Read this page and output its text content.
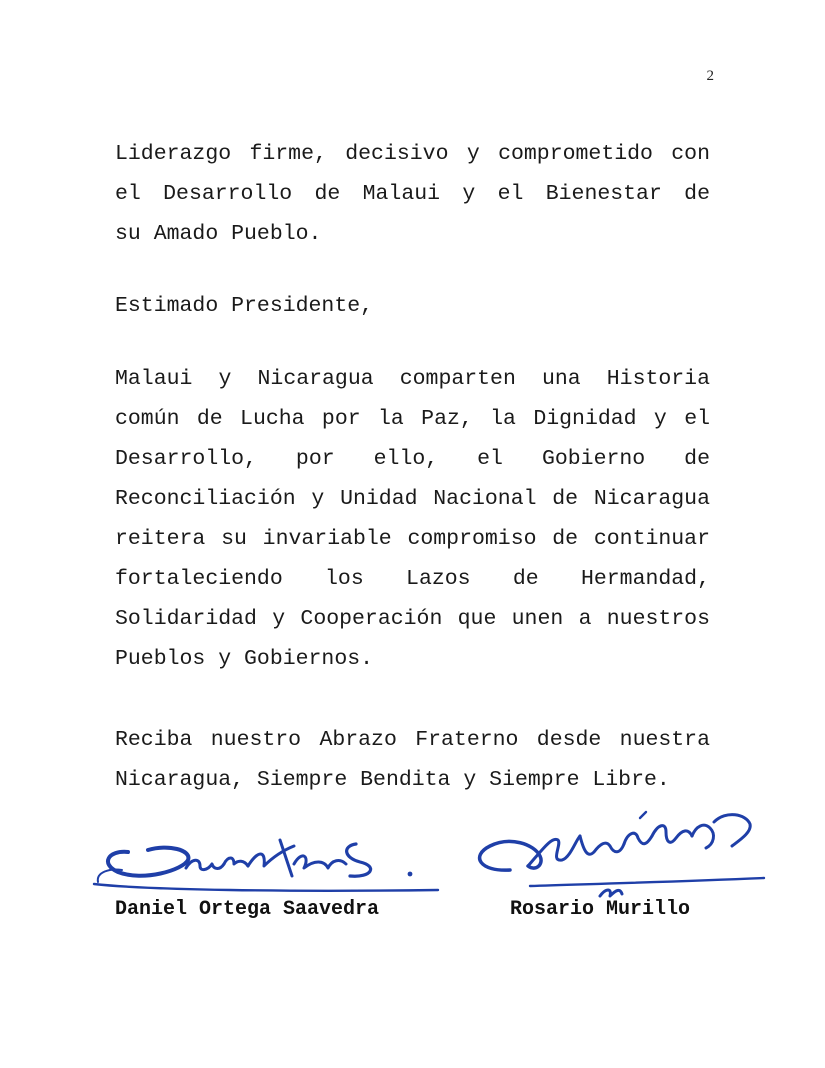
2
Liderazgo firme, decisivo y comprometido con
el Desarrollo de Malaui y el Bienestar de
su Amado Pueblo.
Estimado Presidente,
Malaui y Nicaragua comparten una Historia
común de Lucha por la Paz, la Dignidad y el
Desarrollo, por ello, el Gobierno de
Reconciliación y Unidad Nacional de Nicaragua
reitera su invariable compromiso de continuar
fortaleciendo los Lazos de Hermandad,
Solidaridad y Cooperación que unen a nuestros
Pueblos y Gobiernos.
Reciba nuestro Abrazo Fraterno desde nuestra
Nicaragua, Siempre Bendita y Siempre Libre.
Daniel Ortega Saavedra	Rosario Murillo
